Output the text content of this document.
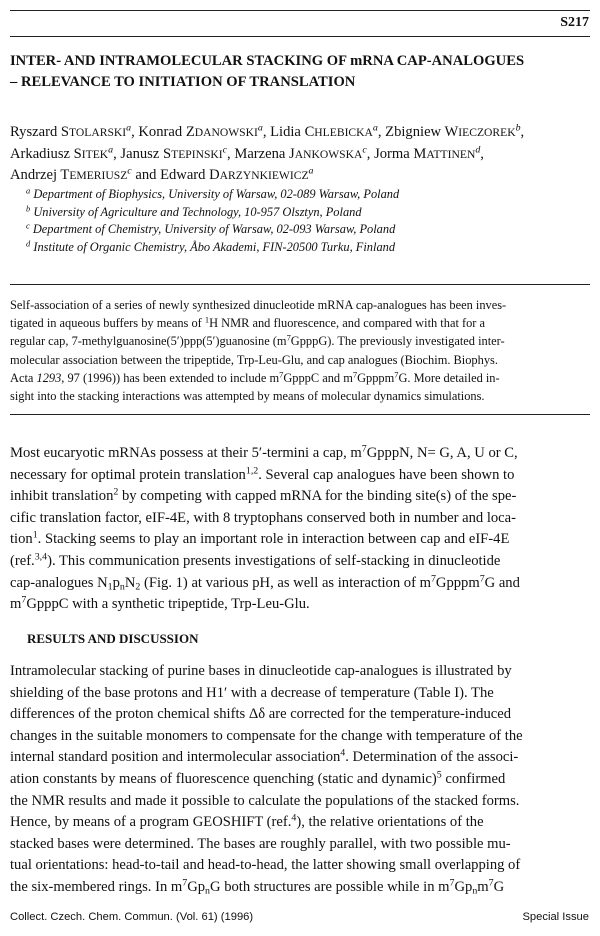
S217
INTER- AND INTRAMOLECULAR STACKING OF mRNA CAP-ANALOGUES
– RELEVANCE TO INITIATION OF TRANSLATION
Ryszard STOLARSKI$^a$, Konrad ZDANOWSKI$^a$, Lidia CHLEBICKA$^a$, Zbigniew WIECZOREK$^b$,
Arkadiusz SITEK$^a$, Janusz STEPINSKI$^c$, Marzena JANKOWSKA$^c$, Jorma MATTINEN$^d$,
Andrzej TEMERIUSZ$^c$ and Edward DARZYNKIEWICZ$^a$
$^a$ Department of Biophysics, University of Warsaw, 02-089 Warsaw, Poland
$^b$ University of Agriculture and Technology, 10-957 Olsztyn, Poland
$^c$ Department of Chemistry, University of Warsaw, 02-093 Warsaw, Poland
$^d$ Institute of Organic Chemistry, Åbo Akademi, FIN-20500 Turku, Finland
Self-association of a series of newly synthesized dinucleotide mRNA cap-analogues has been inves-
tigated in aqueous buffers by means of $^1$H NMR and fluorescence, and compared with that for a
regular cap, 7-methylguanosine(5′)ppp(5′)guanosine $(m^7GpppG)$. The previously investigated inter-
molecular association between the tripeptide, Trp-Leu-Glu, and cap analogues (Biochim. Biophys.
Acta 1293, 97 (1996)) has been extended to include $m^7GpppC$ and $m^7Gpppm^7G$. More detailed in-
sight into the stacking interactions was attempted by means of molecular dynamics simulations.
Most eucaryotic mRNAs possess at their 5′-termini a cap, $m^7GpppN$, N= G, A, U or C,
necessary for optimal protein translation$^{1,2}$. Several cap analogues have been shown to
inhibit translation$^2$ by competing with capped mRNA for the binding site(s) of the spe-
cific translation factor, eIF-4E, with 8 tryptophans conserved both in number and loca-
tion$^1$. Stacking seems to play an important role in interaction between cap and eIF-4E
(ref.$^{3,4}$). This communication presents investigations of self-stacking in dinucleotide
cap-analogues $N_1p_nN_2$ (Fig. 1) at various pH, as well as interaction of $m^7Gpppm^7G$ and
$m^7GpppC$ with a synthetic tripeptide, Trp-Leu-Glu.
RESULTS AND DISCUSSION
Intramolecular stacking of purine bases in dinucleotide cap-analogues is illustrated by
shielding of the base protons and H1′ with a decrease of temperature (Table I). The
differences of the proton chemical shifts Δδ are corrected for the temperature-induced
changes in the suitable monomers to compensate for the change with temperature of the
internal standard position and intermolecular association$^4$. Determination of the associ-
ation constants by means of fluorescence quenching (static and dynamic)$^5$ confirmed
the NMR results and made it possible to calculate the populations of the stacked forms.
Hence, by means of a program GEOSHIFT (ref.$^4$), the relative orientations of the
stacked bases were determined. The bases are roughly parallel, with two possible mu-
tual orientations: head-to-tail and head-to-head, the latter showing small overlapping of
the six-membered rings. In $m^7Gp_nG$ both structures are possible while in $m^7Gp_nm^7G$
Collect. Czech. Chem. Commun. (Vol. 61) (1996)	Special Issue
